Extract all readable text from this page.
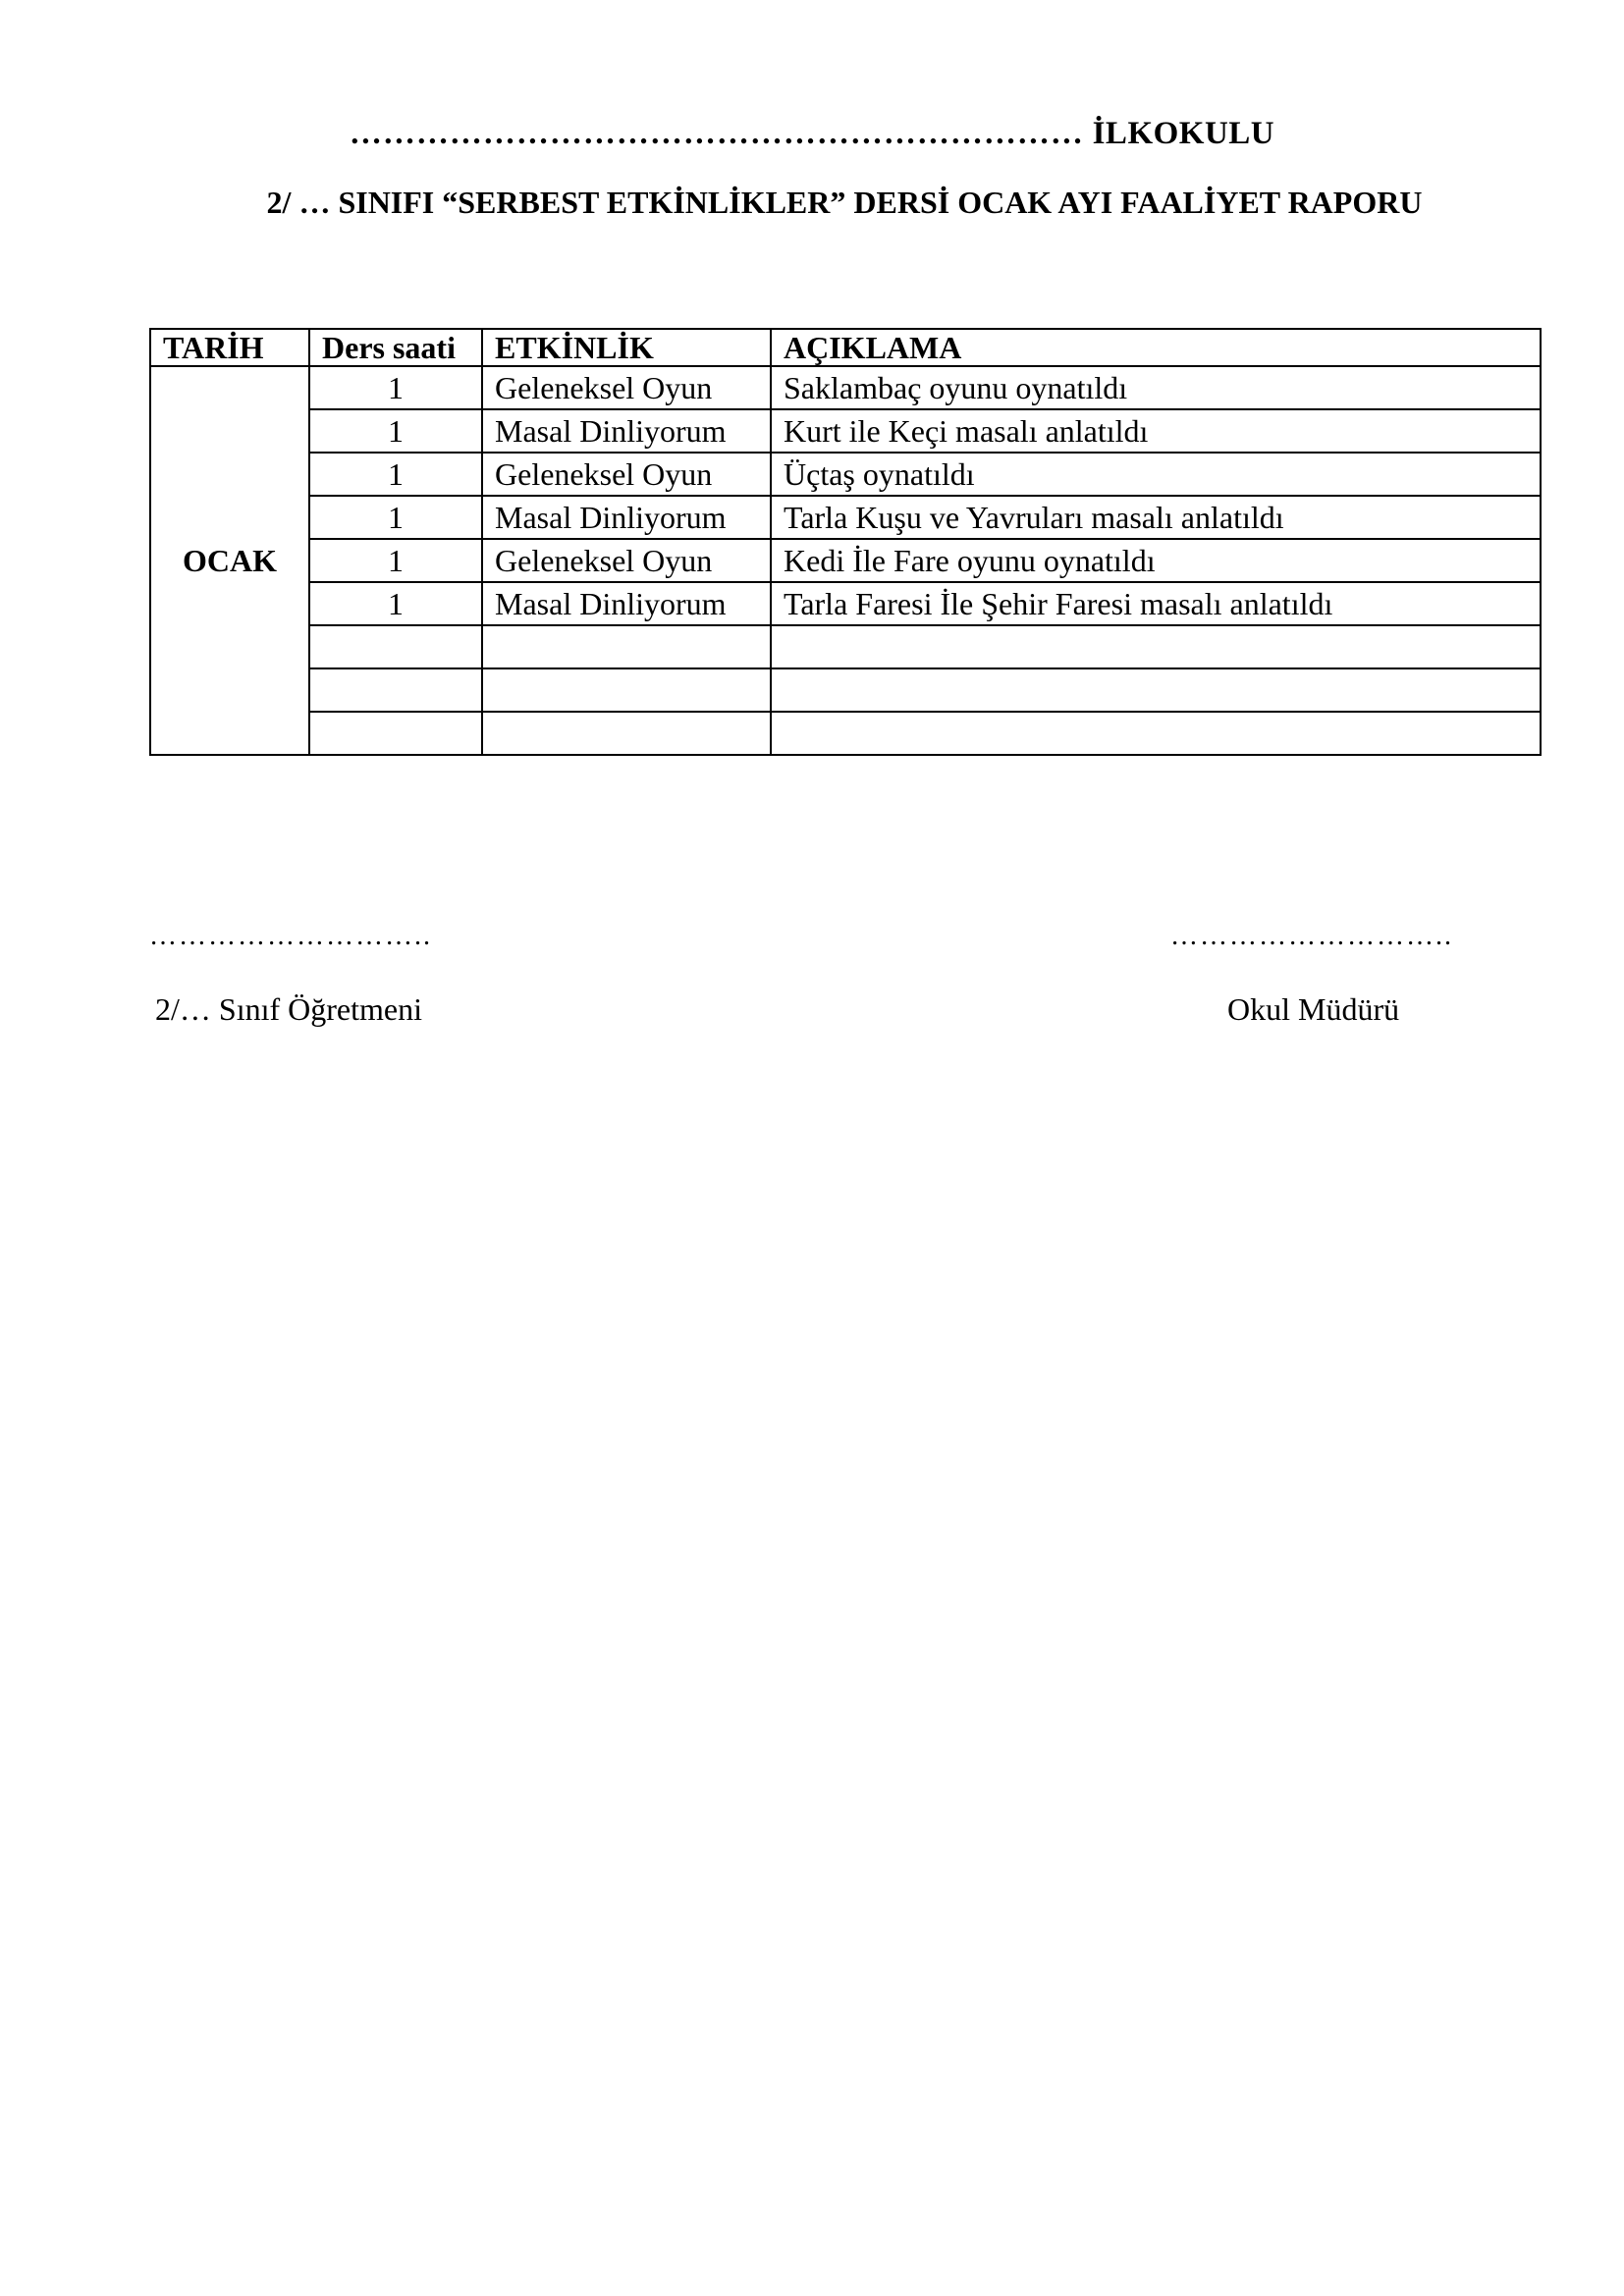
………………………………………………………… İLKOKULU
2/ … SINIFI “SERBEST ETKİNLİKLER” DERSİ OCAK AYI FAALİYET RAPORU
TARİH	Ders saati	ETKİNLİK	AÇIKLAMA
OCAK	1	Geleneksel Oyun	Saklambaç oyunu oynatıldı
	1	Masal Dinliyorum	Kurt ile Keçi masalı anlatıldı
	1	Geleneksel Oyun	Üçtaş oynatıldı
	1	Masal Dinliyorum	Tarla Kuşu ve Yavruları masalı anlatıldı
	1	Geleneksel Oyun	Kedi İle Fare oyunu oynatıldı
	1	Masal Dinliyorum	Tarla Faresi İle Şehir Faresi masalı anlatıldı

………………………..	………………………..
2/… Sınıf Öğretmeni	Okul Müdürü
